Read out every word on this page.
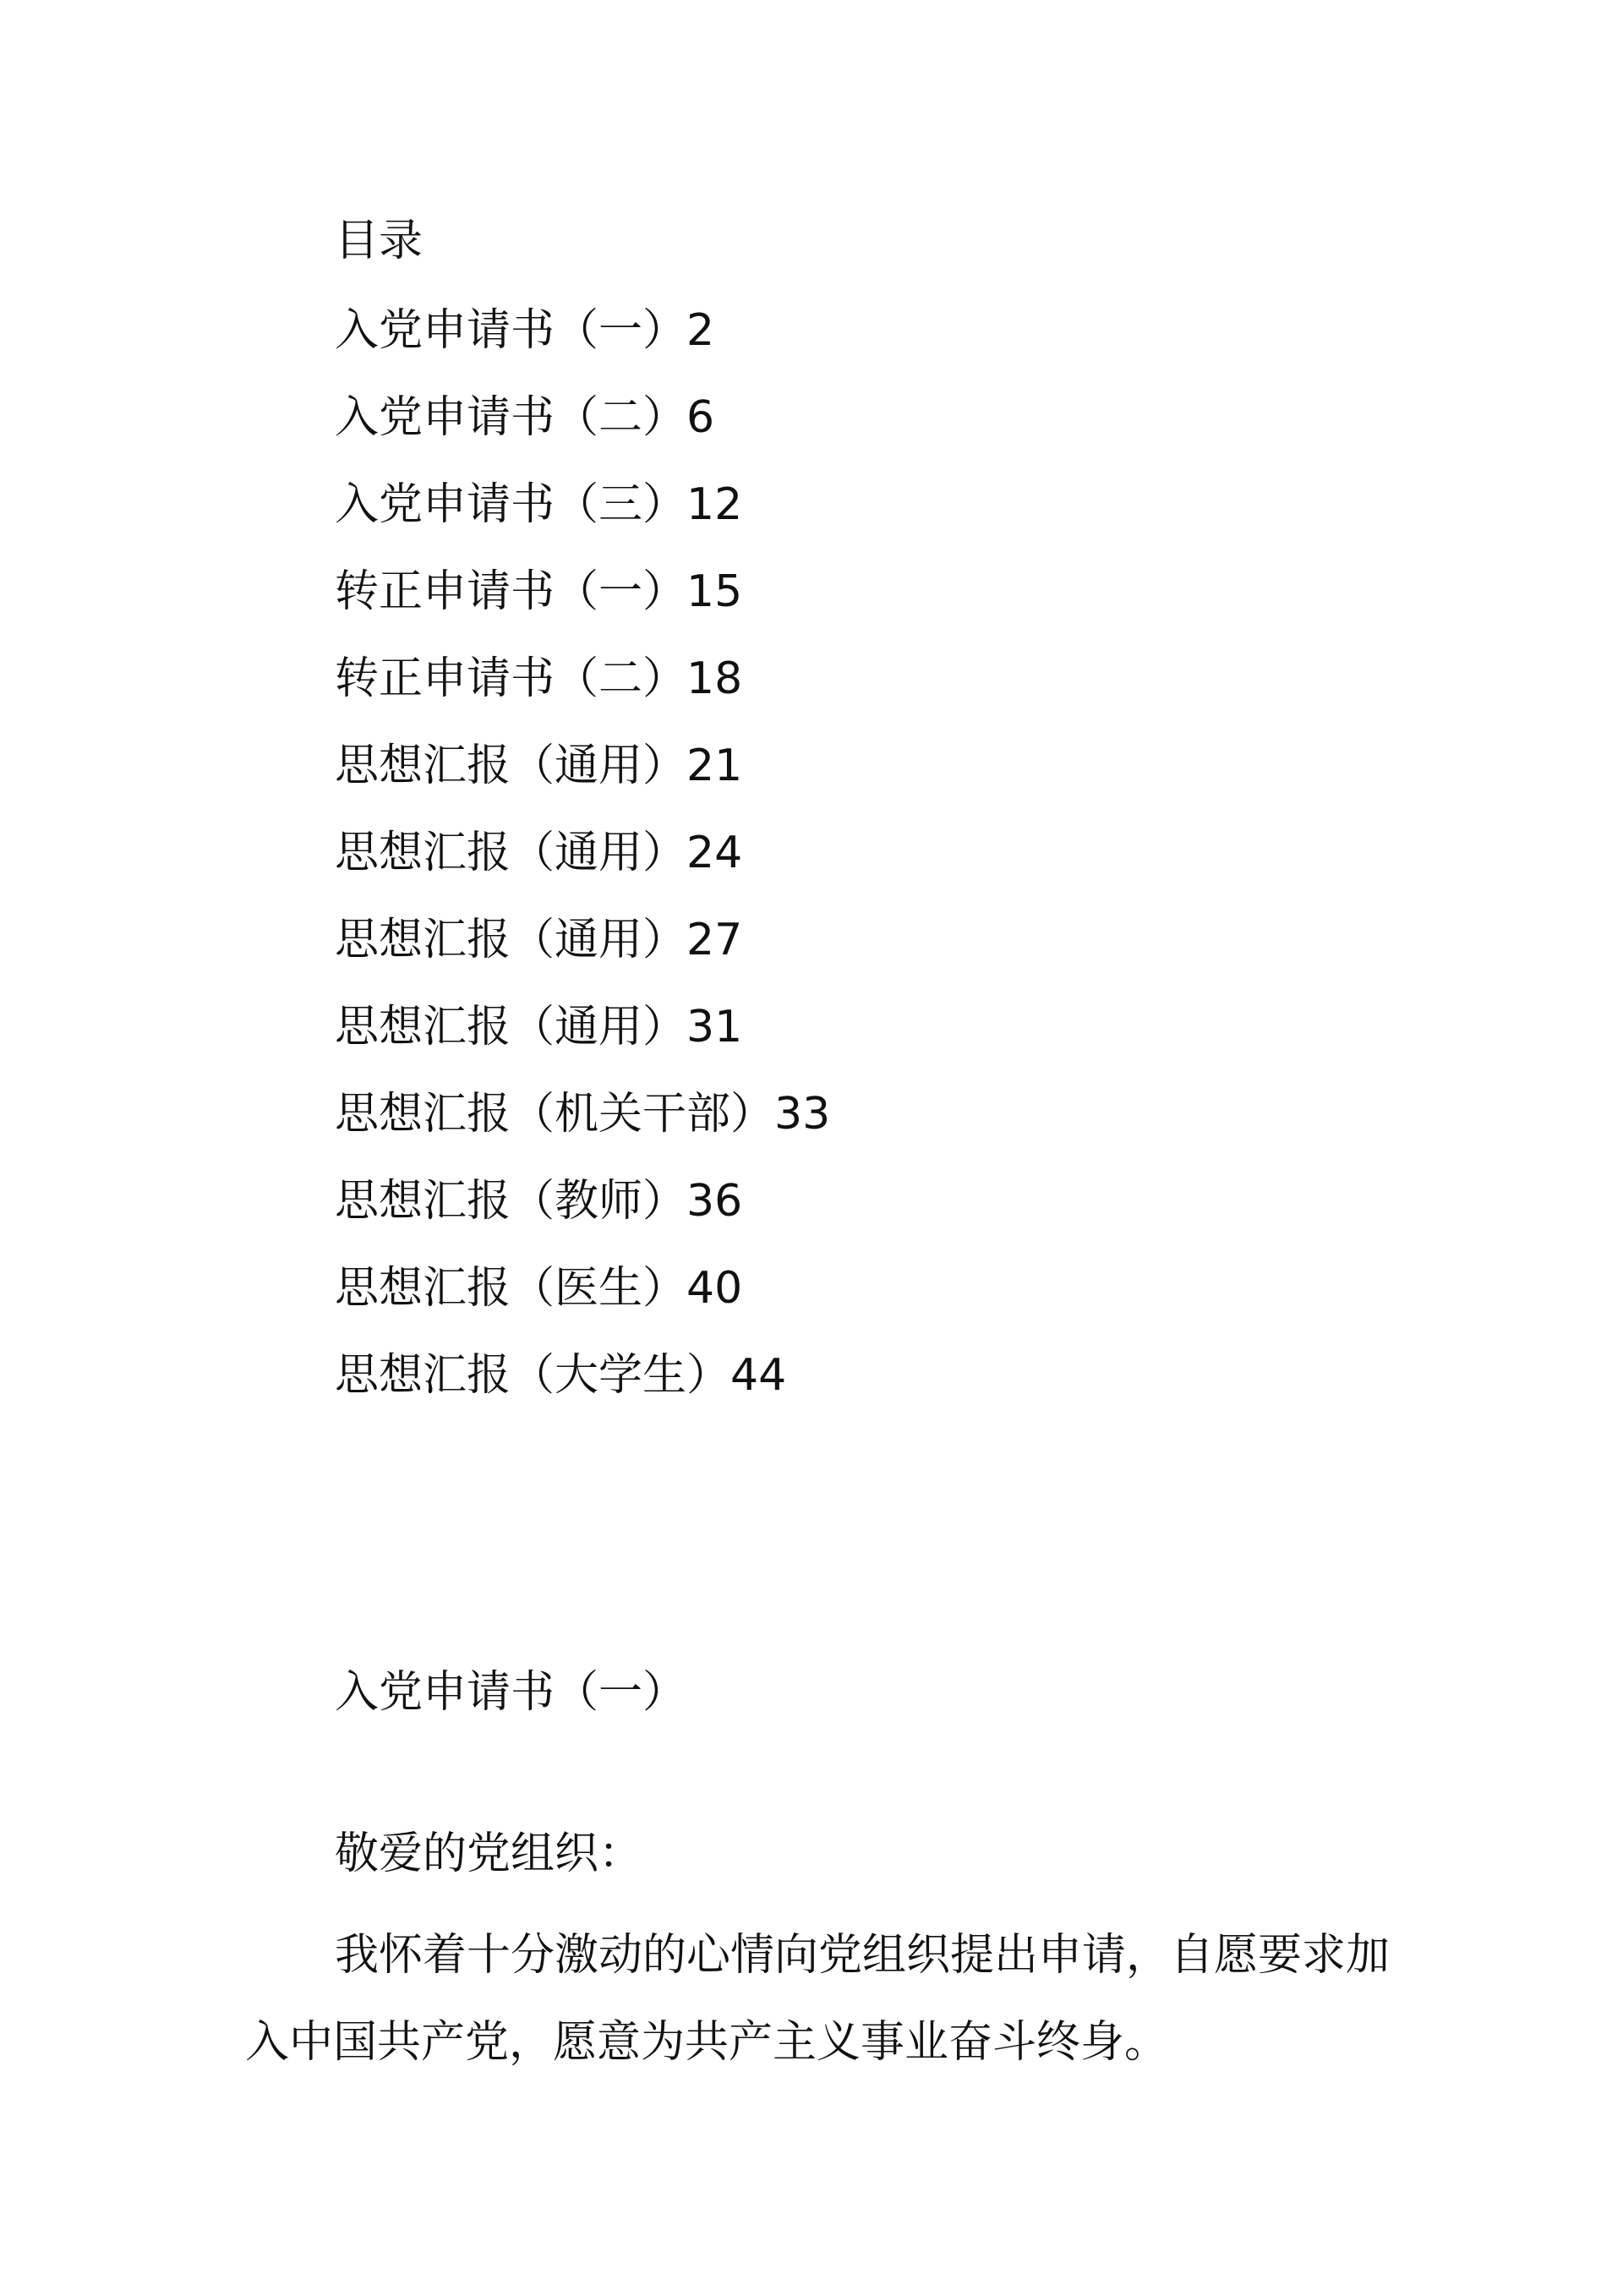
目录
入党申请书（一）2
入党申请书（二）6
入党申请书（三）12
转正申请书（一）15
转正申请书（二）18
思想汇报（通用）21
思想汇报（通用）24
思想汇报（通用）27
思想汇报（通用）31
思想汇报（机关干部）33
思想汇报（教师）36
思想汇报（医生）40
思想汇报（大学生）44
入党申请书（一）
敬爱的党组织：
我怀着十分激动的心情向党组织提出申请，自愿要求加入中国共产党，愿意为共产主义事业奋斗终身。
